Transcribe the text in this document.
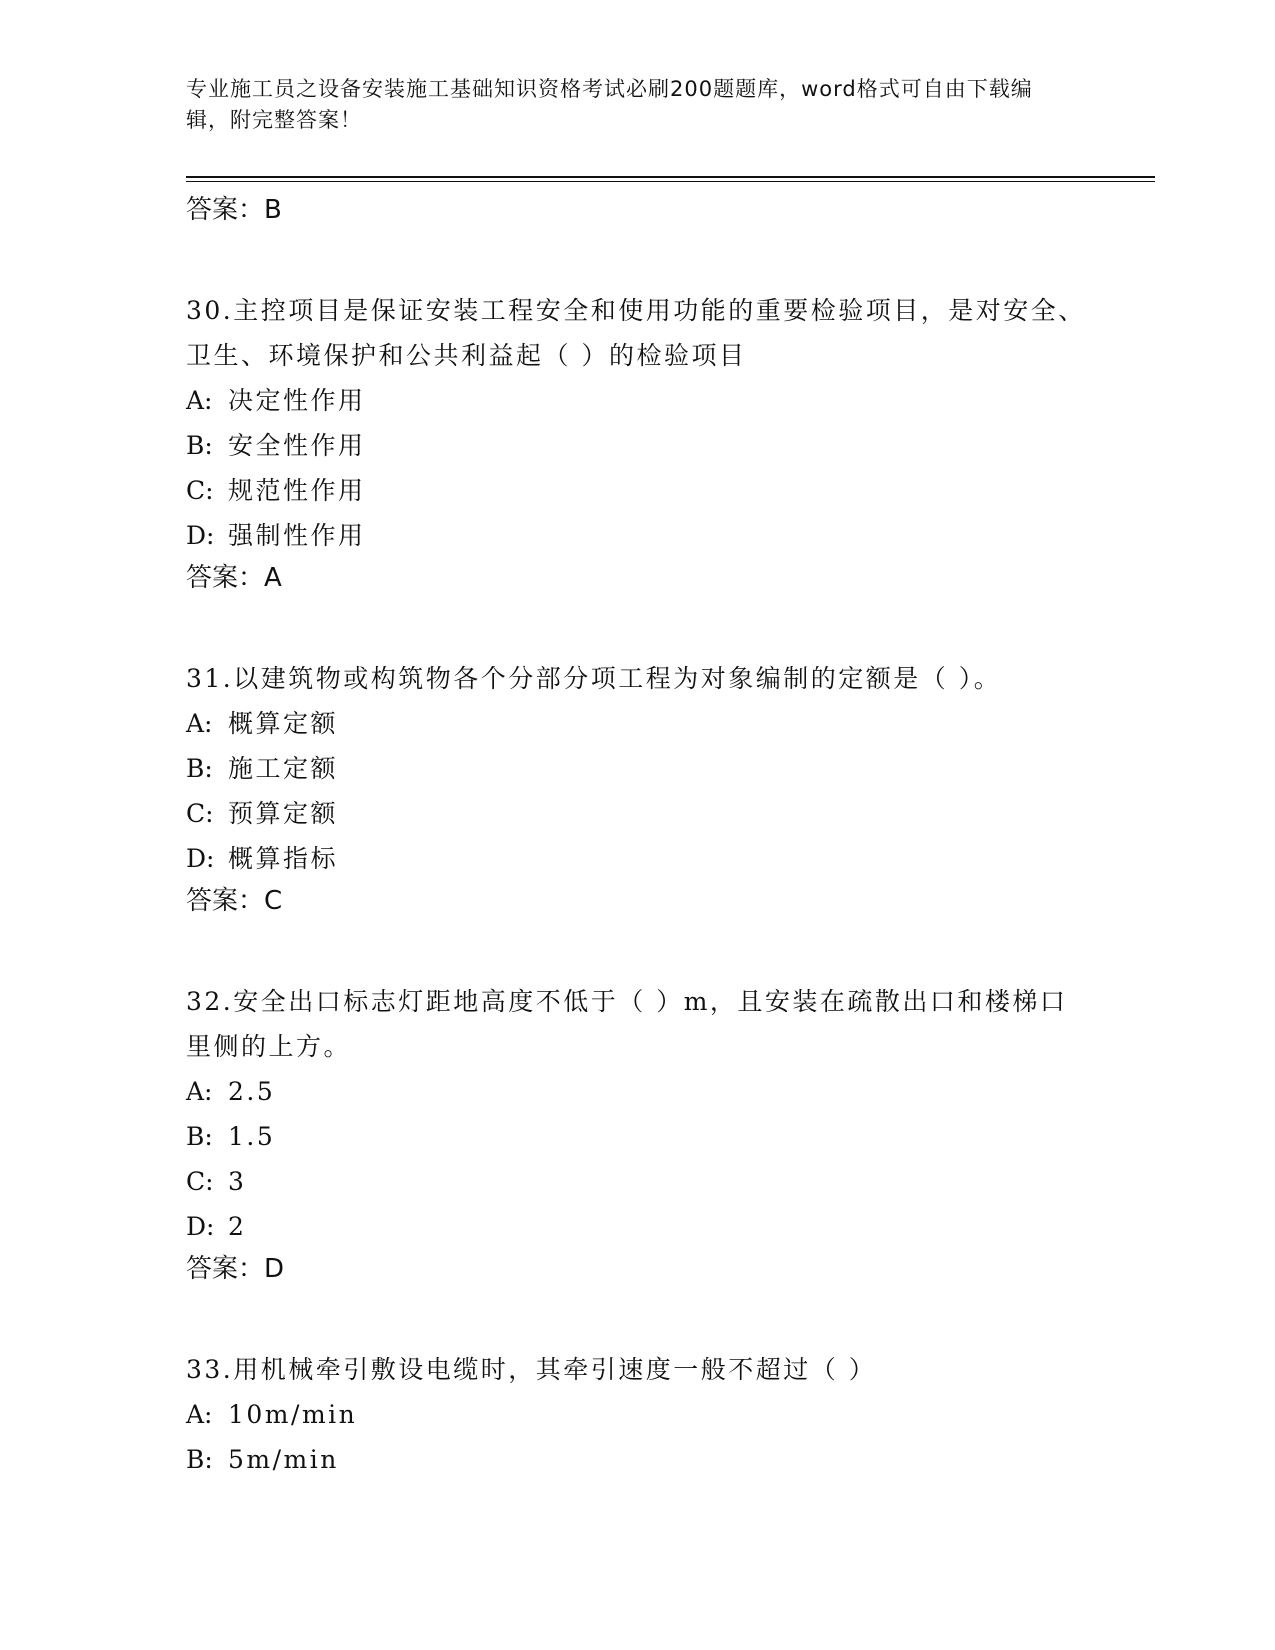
专业施工员之设备安装施工基础知识资格考试必刷200题题库，word格式可自由下载编辑，附完整答案！

答案：B

30.主控项目是保证安装工程安全和使用功能的重要检验项目，是对安全、卫生、环境保护和公共利益起（ ）的检验项目

A: 决定性作用

B: 安全性作用

C: 规范性作用

D: 强制性作用

答案：A

31.以建筑物或构筑物各个分部分项工程为对象编制的定额是（ ）。

A: 概算定额

B: 施工定额

C: 预算定额

D: 概算指标

答案：C

32.安全出口标志灯距地高度不低于（ ）m，且安装在疏散出口和楼梯口里侧的上方。

A: 2.5

B: 1.5

C: 3

D: 2

答案：D

33.用机械牵引敷设电缆时，其牵引速度一般不超过（ ）

A: 10m/min

B: 5m/min
